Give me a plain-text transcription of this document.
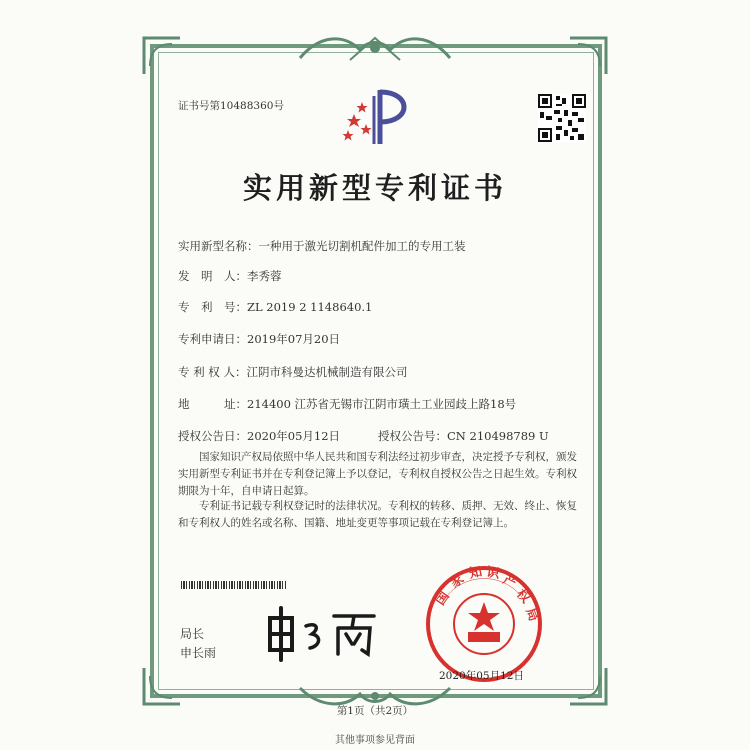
证书号第10488360号
实用新型专利证书
实用新型名称：一种用于激光切割机配件加工的专用工装
发　明　人：李秀蓉
专　利　号：ZL 2019 2 1148640.1
专利申请日：2019年07月20日
专 利 权 人：江阴市科曼达机械制造有限公司
地　　　址：214400 江苏省无锡市江阴市璜土工业园歧上路18号
授权公告日：2020年05月12日	授权公告号：CN 210498789 U
国家知识产权局依照中华人民共和国专利法经过初步审查，决定授予专利权，颁发实用新型专利证书并在专利登记簿上予以登记，专利权自授权公告之日起生效。专利权期限为十年，自申请日起算。
专利证书记载专利权登记时的法律状况。专利权的转移、质押、无效、终止、恢复和专利权人的姓名或名称、国籍、地址变更等事项记载在专利登记簿上。
局长
申长雨
国
家 知 识 产
权
局
2020年05月12日
第1页（共2页）
其他事项参见背面
